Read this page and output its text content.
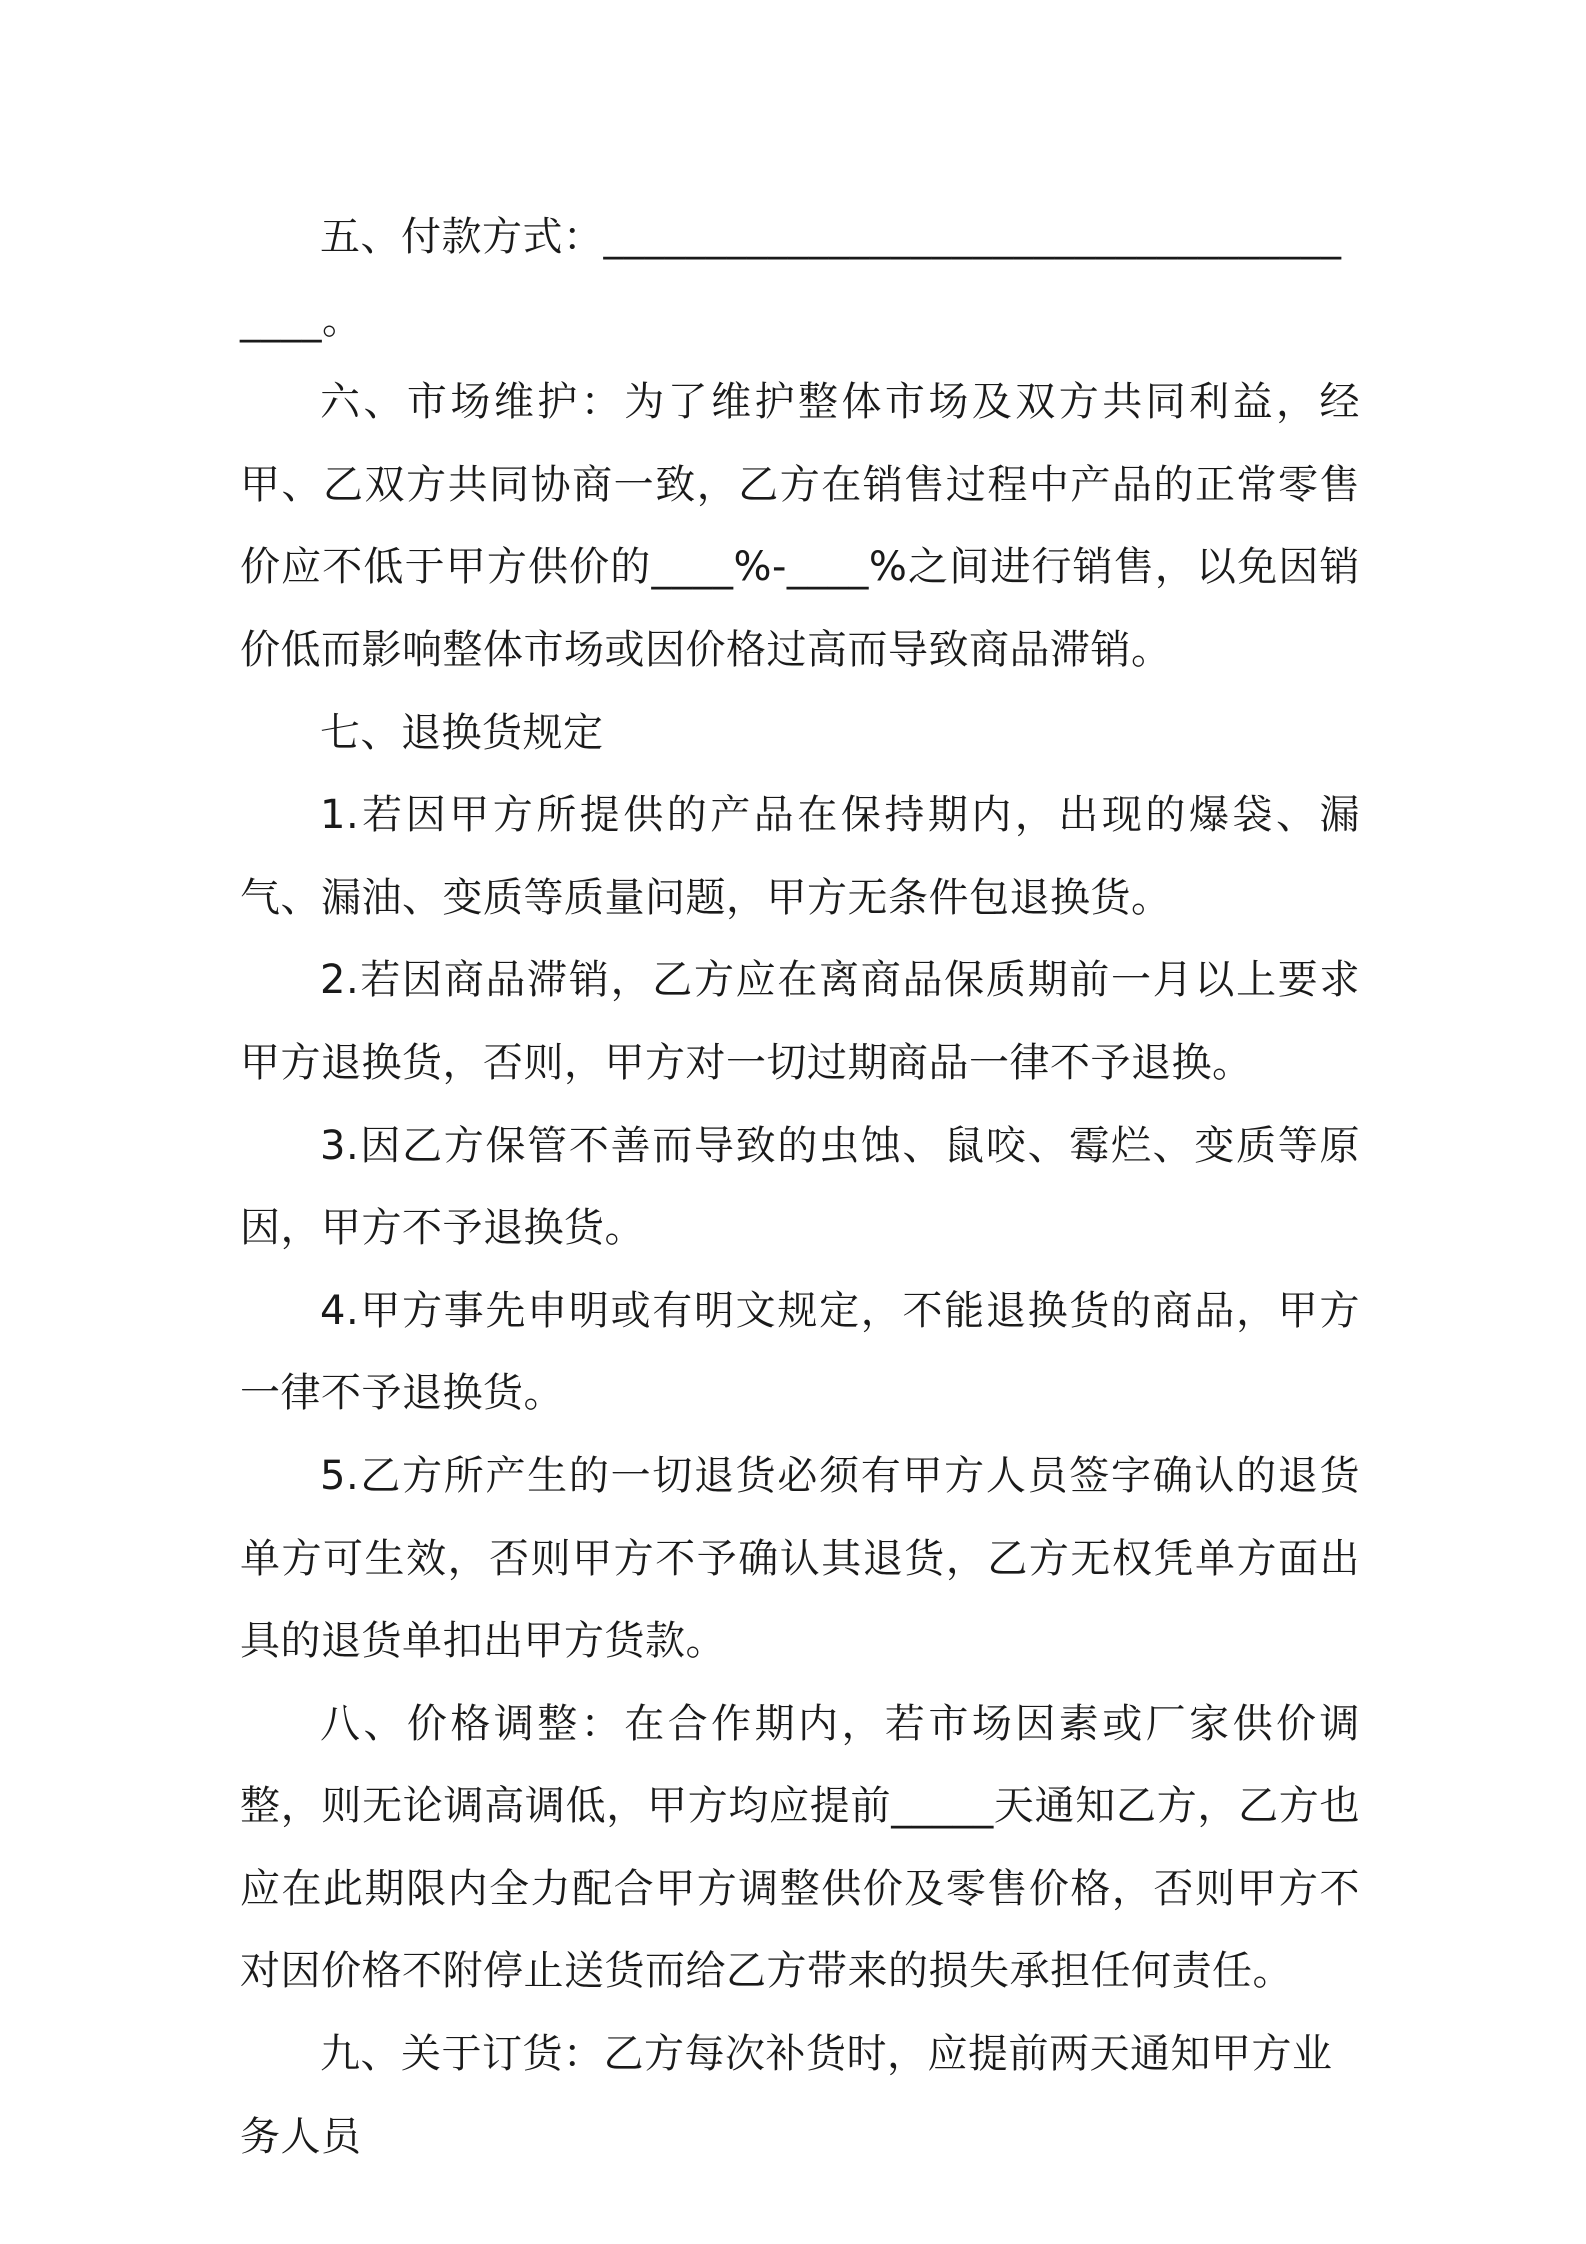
五、付款方式：________________________________________。

六、市场维护：为了维护整体市场及双方共同利益，经甲、乙双方共同协商一致，乙方在销售过程中产品的正常零售价应不低于甲方供价的____%-____%之间进行销售，以免因销价低而影响整体市场或因价格过高而导致商品滞销。

七、退换货规定

1.若因甲方所提供的产品在保持期内，出现的爆袋、漏气、漏油、变质等质量问题，甲方无条件包退换货。

2.若因商品滞销，乙方应在离商品保质期前一月以上要求甲方退换货，否则，甲方对一切过期商品一律不予退换。

3.因乙方保管不善而导致的虫蚀、鼠咬、霉烂、变质等原因，甲方不予退换货。

4.甲方事先申明或有明文规定，不能退换货的商品，甲方一律不予退换货。

5.乙方所产生的一切退货必须有甲方人员签字确认的退货单方可生效，否则甲方不予确认其退货，乙方无权凭单方面出具的退货单扣出甲方货款。

八、价格调整：在合作期内，若市场因素或厂家供价调整，则无论调高调低，甲方均应提前_____天通知乙方，乙方也应在此期限内全力配合甲方调整供价及零售价格，否则甲方不对因价格不附停止送货而给乙方带来的损失承担任何责任。

九、关于订货：乙方每次补货时，应提前两天通知甲方业务人员
